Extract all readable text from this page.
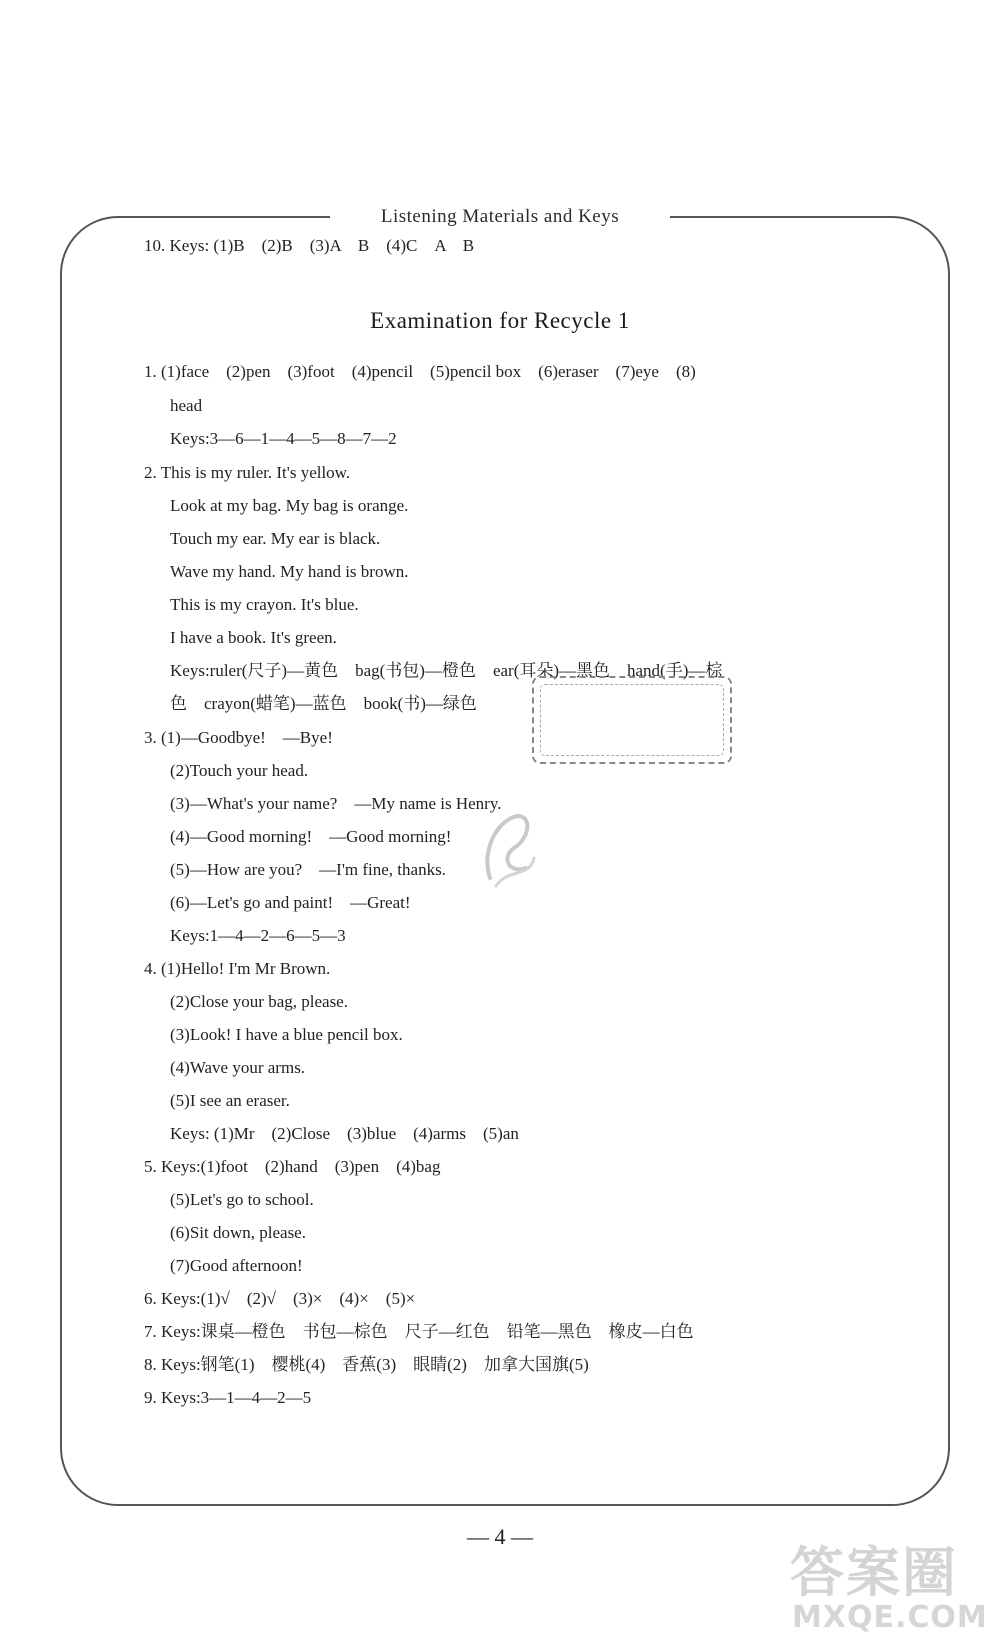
Listening Materials and Keys
10. Keys: (1)B　(2)B　(3)A　B　(4)C　A　B
Examination for Recycle 1
1. (1)face　(2)pen　(3)foot　(4)pencil　(5)pencil box　(6)eraser　(7)eye　(8)
head
Keys:3—6—1—4—5—8—7—2
2. This is my ruler. It's yellow.
Look at my bag. My bag is orange.
Touch my ear. My ear is black.
Wave my hand. My hand is brown.
This is my crayon. It's blue.
I have a book. It's green.
Keys:ruler(尺子)—黄色　bag(书包)—橙色　ear(耳朵)—黑色　hand(手)—棕
色　crayon(蜡笔)—蓝色　book(书)—绿色
3. (1)—Goodbye!　—Bye!
(2)Touch your head.
(3)—What's your name?　—My name is Henry.
(4)—Good morning!　—Good morning!
(5)—How are you?　—I'm fine, thanks.
(6)—Let's go and paint!　—Great!
Keys:1—4—2—6—5—3
4. (1)Hello! I'm Mr Brown.
(2)Close your bag, please.
(3)Look! I have a blue pencil box.
(4)Wave your arms.
(5)I see an eraser.
Keys: (1)Mr　(2)Close　(3)blue　(4)arms　(5)an
5. Keys:(1)foot　(2)hand　(3)pen　(4)bag
(5)Let's go to school.
(6)Sit down, please.
(7)Good afternoon!
6. Keys:(1)√　(2)√　(3)×　(4)×　(5)×
7. Keys:课桌—橙色　书包—棕色　尺子—红色　铅笔—黑色　橡皮—白色
8. Keys:钢笔(1)　樱桃(4)　香蕉(3)　眼睛(2)　加拿大国旗(5)
9. Keys:3—1—4—2—5
— 4 —
答案圈
MXQE.COM
